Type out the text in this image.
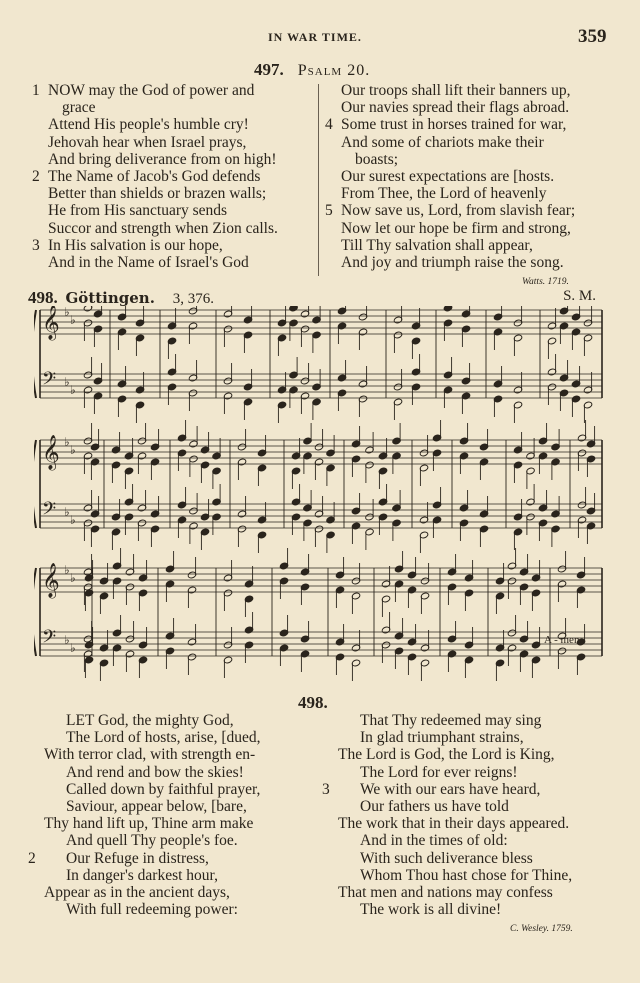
IN WAR TIME.	359
497. Psalm 20.
1 NOW may the God of power and
grace
Attend His people's humble cry!
Jehovah hear when Israel prays,
And bring deliverance from on high!
2 The Name of Jacob's God defends
Better than shields or brazen walls;
He from His sanctuary sends
Succor and strength when Zion calls.
3 In His salvation is our hope,
And in the Name of Israel's God
Our troops shall lift their banners up,
Our navies spread their flags abroad.
4 Some trust in horses trained for war,
And some of chariots make their
boasts;
Our surest expectations are [hosts.
From Thee, the Lord of heavenly
5 Now save us, Lord, from slavish fear;
Now let our hope be firm and strong,
Till Thy salvation shall appear,
And joy and triumph raise the song.
Watts. 1719.
498. Göttingen. 3, 376.	S. M.
𝄞 ♭
♭
𝄢 ♭
♭
𝄞 ♭
♭
𝄢 ♭
♭
𝄞 ♭
♭
𝄢 ♭
♭
A - men.
498.
LET God, the mighty God,
The Lord of hosts, arise, [dued,
With terror clad, with strength en-
And rend and bow the skies!
Called down by faithful prayer,
Saviour, appear below, [bare,
Thy hand lift up, Thine arm make
And quell Thy people's foe.
2 Our Refuge in distress,
In danger's darkest hour,
Appear as in the ancient days,
With full redeeming power:
That Thy redeemed may sing
In glad triumphant strains,
The Lord is God, the Lord is King,
The Lord for ever reigns!
3 We with our ears have heard,
Our fathers us have told
The work that in their days appeared.
And in the times of old:
With such deliverance bless
Whom Thou hast chose for Thine,
That men and nations may confess
The work is all divine!
C. Wesley. 1759.
